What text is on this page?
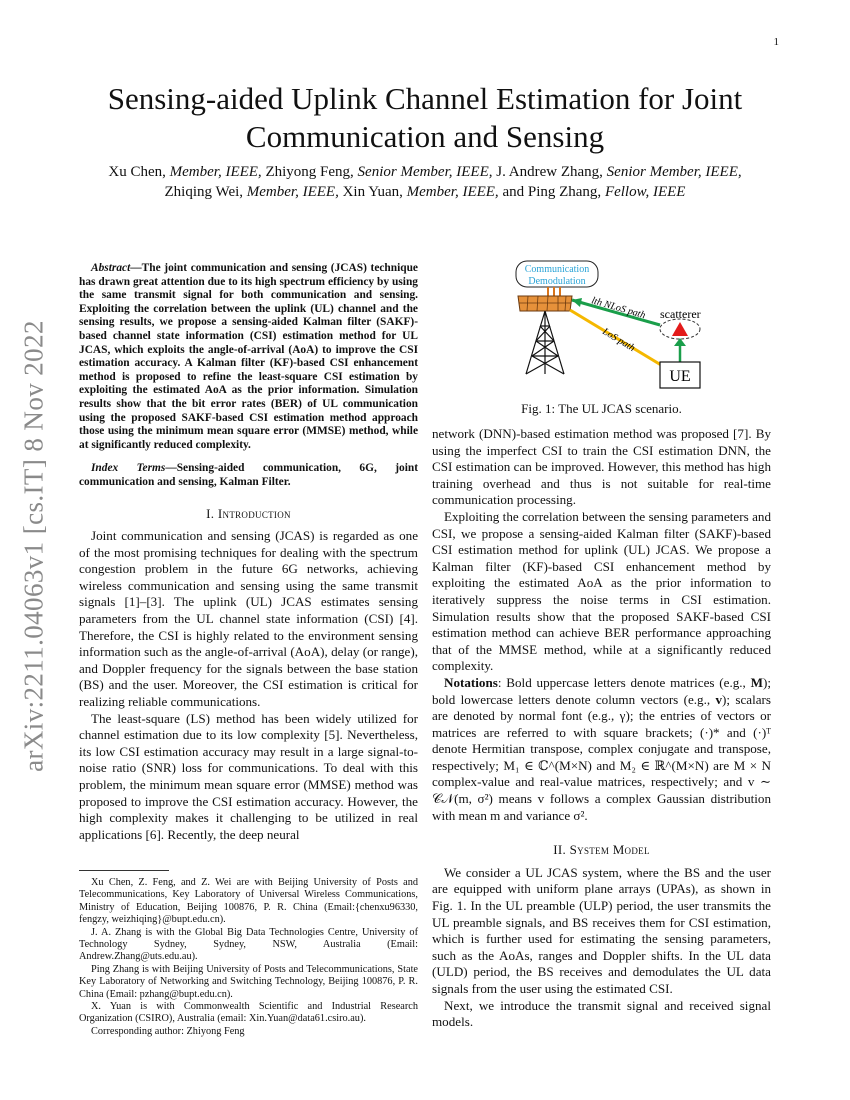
1
arXiv:2211.04063v1 [cs.IT] 8 Nov 2022
Sensing-aided Uplink Channel Estimation for Joint
Communication and Sensing
Xu Chen, Member, IEEE, Zhiyong Feng, Senior Member, IEEE, J. Andrew Zhang, Senior Member, IEEE,
Zhiqing Wei, Member, IEEE, Xin Yuan, Member, IEEE, and Ping Zhang, Fellow, IEEE
Abstract—The joint communication and sensing (JCAS) technique has drawn great attention due to its high spectrum efficiency by using the same transmit signal for both communication and sensing. Exploiting the correlation between the uplink (UL) channel and the sensing results, we propose a sensing-aided Kalman filter (SAKF)-based channel state information (CSI) estimation method for UL JCAS, which exploits the angle-of-arrival (AoA) to improve the CSI estimation accuracy. A Kalman filter (KF)-based CSI enhancement method is proposed to refine the least-square CSI estimation by exploiting the estimated AoA as the prior information. Simulation results show that the bit error rates (BER) of UL communication using the proposed SAKF-based CSI estimation method approach those using the minimum mean square error (MMSE) method, while at significantly reduced complexity.
Index Terms—Sensing-aided communication, 6G, joint communication and sensing, Kalman Filter.
I. Introduction

Joint communication and sensing (JCAS) is regarded as one of the most promising techniques for dealing with the spectrum congestion problem in the future 6G networks, achieving wireless communication and sensing using the same transmit signals [1]–[3]. The uplink (UL) JCAS estimates sensing parameters from the UL channel state information (CSI) [4]. Therefore, the CSI is highly related to the environment sensing information such as the angle-of-arrival (AoA), delay (or range), and Doppler frequency for the signals between the base station (BS) and the user. Moreover, the CSI estimation is critical for realizing reliable communications.

The least-square (LS) method has been widely utilized for channel estimation due to its low complexity [5]. Nevertheless, its low CSI estimation accuracy may result in a large signal-to-noise ratio (SNR) loss for communications. To deal with this problem, the minimum mean square error (MMSE) method was proposed to improve the CSI estimation accuracy. However, the high complexity makes it challenging to be utilized in real applications [6]. Recently, the deep neural

Xu Chen, Z. Feng, and Z. Wei are with Beijing University of Posts and Telecommunications, Key Laboratory of Universal Wireless Communications, Ministry of Education, Beijing 100876, P. R. China (Email:{chenxu96330, fengzy, weizhiqing}@bupt.edu.cn).

J. A. Zhang is with the Global Big Data Technologies Centre, University of Technology Sydney, Sydney, NSW, Australia (Email: Andrew.Zhang@uts.edu.au).

Ping Zhang is with Beijing University of Posts and Telecommunications, State Key Laboratory of Networking and Switching Technology, Beijing 100876, P. R. China (Email: pzhang@bupt.edu.cn).

X. Yuan is with Commonwealth Scientific and Industrial Research Organization (CSIRO), Australia (email: Xin.Yuan@data61.csiro.au).

Corresponding author: Zhiyong Feng

Communication
Demodulation
lth NLoS path
LoS path
scatterer
UE
Fig. 1: The UL JCAS scenario.

network (DNN)-based estimation method was proposed [7]. By using the imperfect CSI to train the CSI estimation DNN, the CSI estimation can be improved. However, this method has high training overhead and thus is not suitable for real-time communication processing.

Exploiting the correlation between the sensing parameters and CSI, we propose a sensing-aided Kalman filter (SAKF)-based CSI estimation method for uplink (UL) JCAS. We propose a Kalman filter (KF)-based CSI enhancement method by exploiting the estimated AoA as the prior information to iteratively suppress the noise terms in CSI estimation. Simulation results show that the proposed SAKF-based CSI estimation method can achieve BER performance approaching that of the MMSE method, while at a significantly reduced complexity.

Notations: Bold uppercase letters denote matrices (e.g., M); bold lowercase letters denote column vectors (e.g., v); scalars are denoted by normal font (e.g., γ); the entries of vectors or matrices are referred to with square brackets; (·)* and (·)ᵀ denote Hermitian transpose, complex conjugate and transpose, respectively; M₁ ∈ ℂ^(M×N) and M₂ ∈ ℝ^(M×N) are M × N complex-value and real-value matrices, respectively; and v ∼ 𝒞𝒩(m, σ²) means v follows a complex Gaussian distribution with mean m and variance σ².

II. System Model

We consider a UL JCAS system, where the BS and the user are equipped with uniform plane arrays (UPAs), as shown in Fig. 1. In the UL preamble (ULP) period, the user transmits the UL preamble signals, and BS receives them for CSI estimation, which is further used for estimating the sensing parameters, such as the AoAs, ranges and Doppler shifts. In the UL data (ULD) period, the BS receives and demodulates the UL data signals from the user using the estimated CSI.

Next, we introduce the transmit signal and received signal models.
